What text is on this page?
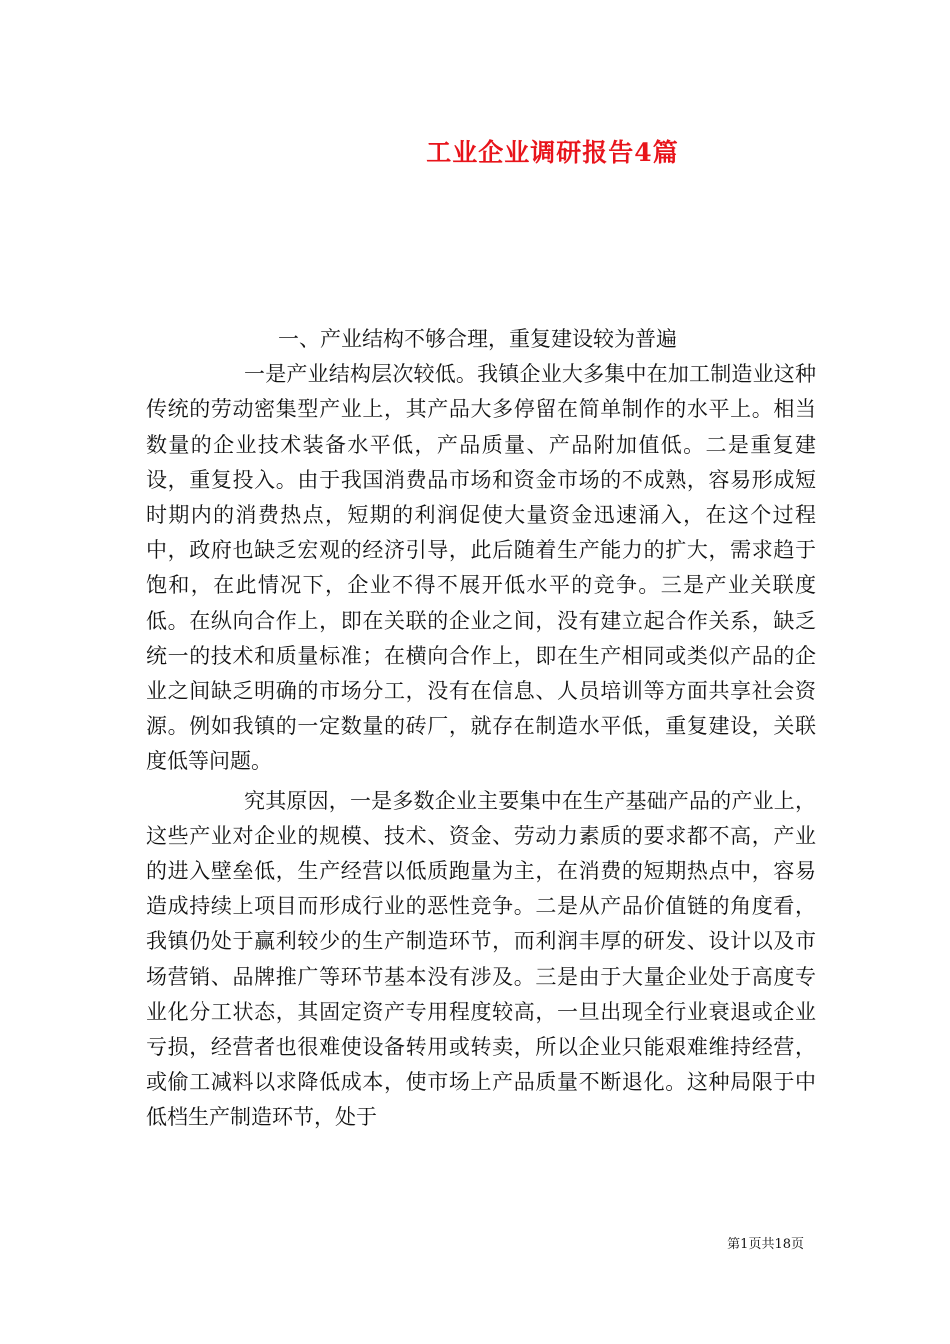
工业企业调研报告4篇

一、产业结构不够合理，重复建设较为普遍

一是产业结构层次较低。我镇企业大多集中在加工制造业这种传统的劳动密集型产业上，其产品大多停留在简单制作的水平上。相当数量的企业技术装备水平低，产品质量、产品附加值低。二是重复建设，重复投入。由于我国消费品市场和资金市场的不成熟，容易形成短时期内的消费热点，短期的利润促使大量资金迅速涌入，在这个过程中，政府也缺乏宏观的经济引导，此后随着生产能力的扩大，需求趋于饱和，在此情况下，企业不得不展开低水平的竞争。三是产业关联度低。在纵向合作上，即在关联的企业之间，没有建立起合作关系，缺乏统一的技术和质量标准；在横向合作上，即在生产相同或类似产品的企业之间缺乏明确的市场分工，没有在信息、人员培训等方面共享社会资源。例如我镇的一定数量的砖厂，就存在制造水平低，重复建设，关联度低等问题。

究其原因，一是多数企业主要集中在生产基础产品的产业上，这些产业对企业的规模、技术、资金、劳动力素质的要求都不高，产业的进入壁垒低，生产经营以低质跑量为主，在消费的短期热点中，容易造成持续上项目而形成行业的恶性竞争。二是从产品价值链的角度看，我镇仍处于赢利较少的生产制造环节，而利润丰厚的研发、设计以及市场营销、品牌推广等环节基本没有涉及。三是由于大量企业处于高度专业化分工状态，其固定资产专用程度较高，一旦出现全行业衰退或企业亏损，经营者也很难使设备转用或转卖，所以企业只能艰难维持经营，或偷工减料以求降低成本，使市场上产品质量不断退化。这种局限于中低档生产制造环节，处于

第1页共18页
